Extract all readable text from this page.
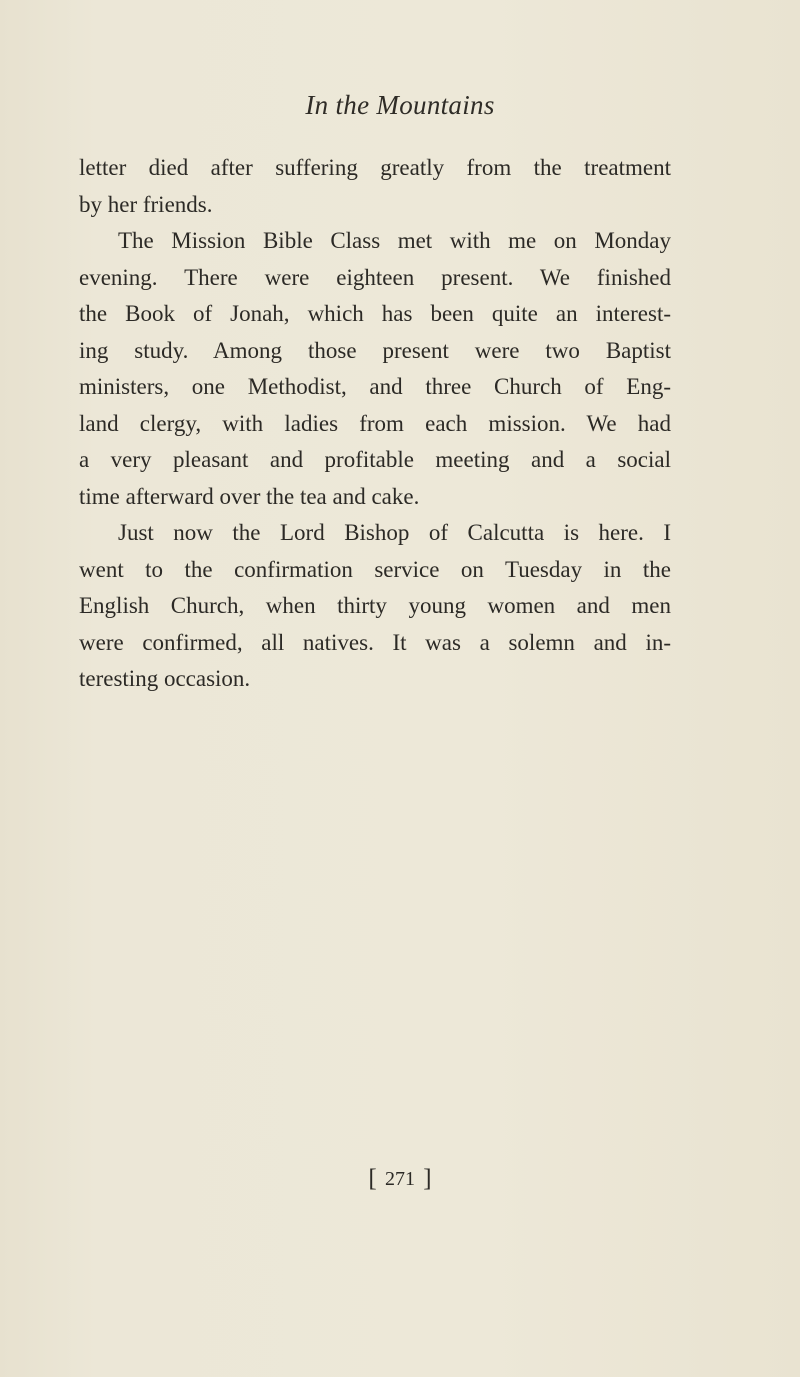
In the Mountains
letter died after suffering greatly from the treatment
by her friends.
The Mission Bible Class met with me on Monday
evening. There were eighteen present. We finished
the Book of Jonah, which has been quite an interest-
ing study. Among those present were two Baptist
ministers, one Methodist, and three Church of Eng-
land clergy, with ladies from each mission. We had
a very pleasant and profitable meeting and a social
time afterward over the tea and cake.
Just now the Lord Bishop of Calcutta is here. I
went to the confirmation service on Tuesday in the
English Church, when thirty young women and men
were confirmed, all natives. It was a solemn and in-
teresting occasion.
[ 271 ]
